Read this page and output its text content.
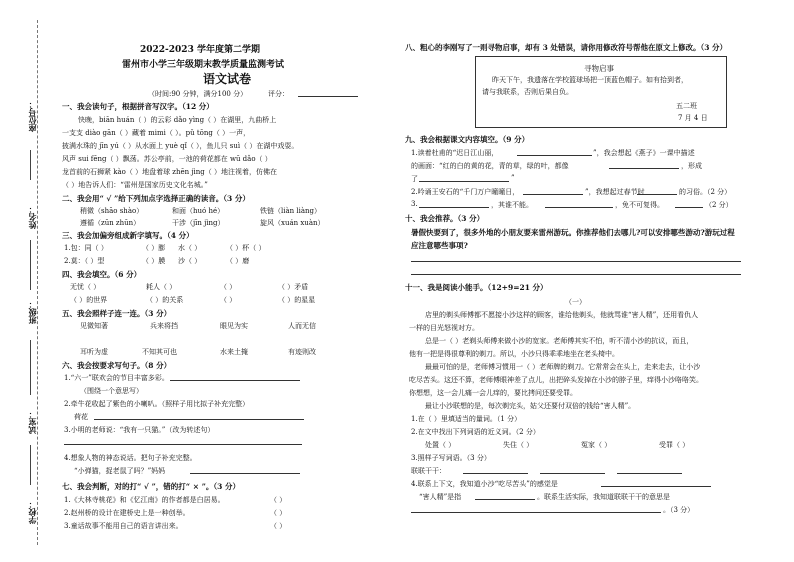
座位号：
姓名：
班级：
试室：
学校：
2022-2023 学年度第二学期
雷州市小学三年级期末教学质量监测考试
语文试卷
（时间:90 分钟，满分100 分）	评分：
一、我会读句子，根据拼音写汉字。（12 分）
快晚，biān huán（ ）的云彩 dǎo yìng（ ）在湖里，九曲桥上
一支支 diào gān（ ）藏着 mimi（ ）。pǔ tōng（ ）一声，
披满水珠的 jīn yú（ ）从水面上 yuè qǐ（ ），鱼儿只 suì（ ）在湖中戏耍。
风声 sui fēng（ ）飘荡。苏公亭前，一池的荷花都在 wū dǎo（ ）
龙首前的石狮紧 kào（ ）地盘着球 zhēn jìng（ ）地注视着，仿佛在
（ ）地告诉人们：“雷州是国家历史文化名城。”
二、我会用“ √ ”给下列加点字选择正确的读音。（3 分）
稍微（shāo shào）	和面（huó hé）	铁链（liàn liàng）
遵循（zūn zhūn）	干涉（jīn jìng）	旋风（xuán xuàn）
三、我会加偏旁组成新字填写。（4 分）
1.包：同（ ）	（ ）膨 水（ ）	（ ）杯（ ）
2.莫：（ ）型	（ ）膜 沙（ ）	（ ）磨
四、我会填空。（6 分）
无忧（ ）	耗人（ ）	（ ）	（ ）矛盾
（ ）的世界	（ ）的关系	（ ）	（ ）的星星
五、我会照样子连一连。（3 分）
见微知著	兵来将挡	眼见为实	人而无信
耳听为虚	不知其可也	水来土掩	有迹则改
六、我会按要求写句子。（8 分）
1.“六一”联欢会的节目丰富多彩。
（围绕一个意思写）
2.牵牛花收起了紫色的小喇叭。（照样子用比拟子补充完整）
荷花
3.小明的老师说：“我有一只猫。”（改为转述句）
4.想象人物的神态说话。把句子补充完整。
“小弹猫，捉老鼠了吗？”妈妈
七、我会判断，对的打“ √ ”，错的打“ × ”。（3 分）
1.《大林寺桃花》和《忆江南》的作者都是白居易。	（ ）
2.赵州桥的设计在建桥史上是一种创举。	（ ）
3.童话故事不能用自己的语言讲出来。	（ ）
八、粗心的李刚写了一则寻物启事，却有 3 处错误，请你用修改符号帮他在原文上修改。（3 分）
寻物启事
昨天下午，我遗落在学校篮球场把一顶蓝色帽子。如有拾到者，
请与我联系，否则后果自负。
五二班
7 月 4 日
九、我会根据课文内容填空。（9 分）
1.读着杜甫的“迟日江山丽，	”，我会想起《燕子》一课中描述
的画面：“红的白的黄的花，青的草，绿的叶，都像	，形成
了	”
2.吟诵王安石的“千门万户曈曈日，	”，我想起过春节时	的习俗。（2 分）
3.	，其谁不能。	，免不可复得。	（2 分）
十、我会推荐。（3 分）
暑假快要到了，很多外地的小朋友要来雷州游玩。你推荐他们去哪儿?可以安排哪些游动?游玩过程应注意哪些事项?
十一、我是阅读小能手。（12+9=21 分）
（一）
店里的剃头师傅都不愿接小沙这样的顾客，谁给他剃头，他就骂谁“害人精”，还用看仇人
一样的目光怒视对方。
总是一（ ）老剃头师傅来做小沙的宽家。老师傅其实不怕，听不清小沙的抗议，而且，
他有一把是得很尊利的剃刀。所以，小沙只得乖乖地坐在老头椅中。
最最可怕的是，老师傅习惯用一（ ）老师牌的剃刀。它常常会在头上，走来走去，让小沙
吃尽苦头。这还不算，老师傅眼神差了点儿，出把碎头发掉在小沙的脖子里，痒得小沙咯咯笑。
你想想，这一会儿痛一会儿痒的，要比拷问还要受罪。
最让小沙联想的是，每次剃完头，姑父还要付双倍的钱给“害人精”。
1.在（ ）里填适当的量词。（1 分）
2.在文中找出下列词语的近义词。（2 分）
处置（ ）	失住（ ）	冤家（ ）	受罪（ ）
3.照样子写词语。（3 分）
联联干干：
4.联系上下文，我知道小沙“吃尽苦头”的感觉是
“害人精”是指	。联系生活实际，我知道联联干干的意思是
。（3 分）
